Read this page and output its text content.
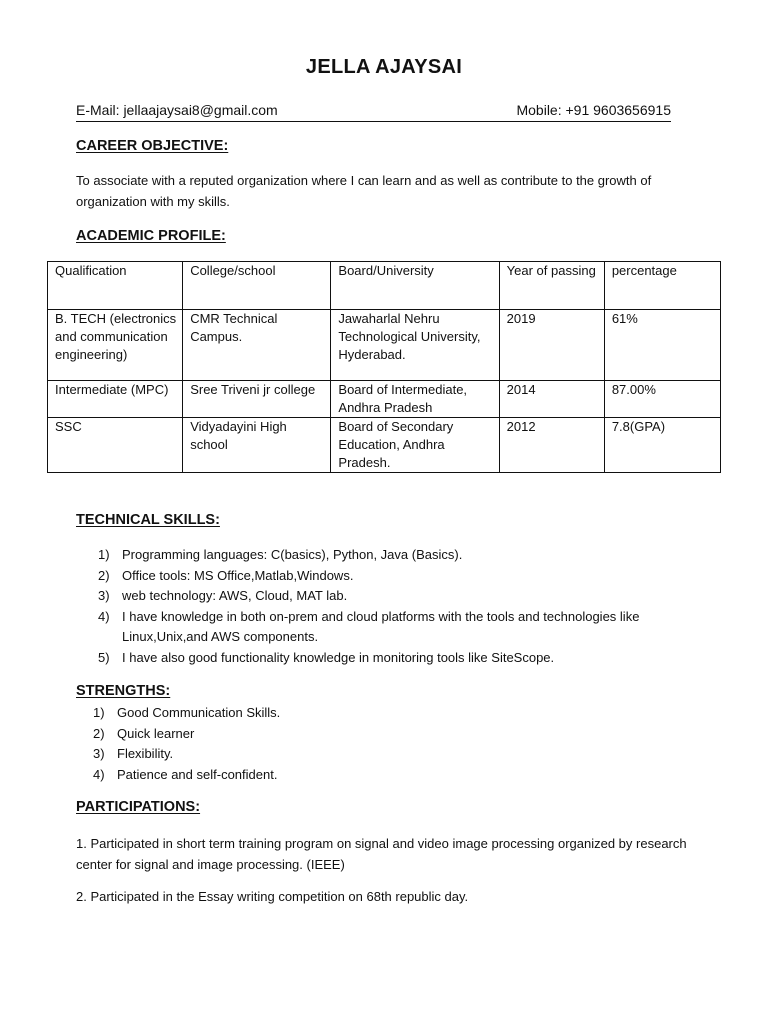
JELLA AJAYSAI
E-Mail: jellaajaysai8@gmail.com	Mobile: +91 9603656915
CAREER OBJECTIVE:
To associate with a reputed organization where I can learn and as well as contribute to the growth of organization with my skills.
ACADEMIC PROFILE:
Qualification	College/school	Board/University	Year of passing	percentage
B. TECH (electronics and communication engineering)	CMR Technical Campus.	Jawaharlal Nehru Technological University, Hyderabad.	2019	61%
Intermediate (MPC)	Sree Triveni jr college	Board of Intermediate, Andhra Pradesh	2014	87.00%
SSC	Vidyadayini High school	Board of Secondary Education, Andhra Pradesh.	2012	7.8(GPA)
TECHNICAL SKILLS:
1) Programming languages: C(basics), Python, Java (Basics).
2) Office tools: MS Office,Matlab,Windows.
3) web technology: AWS, Cloud, MAT lab.
4) I have knowledge in both on-prem and cloud platforms with the tools and technologies like Linux,Unix,and AWS components.
5) I have also good functionality knowledge in monitoring tools like SiteScope.
STRENGTHS:
1) Good Communication Skills.
2) Quick learner
3) Flexibility.
4) Patience and self-confident.
PARTICIPATIONS:
1. Participated in short term training program on signal and video image processing organized by research center for signal and image processing. (IEEE)
2. Participated in the Essay writing competition on 68th republic day.
